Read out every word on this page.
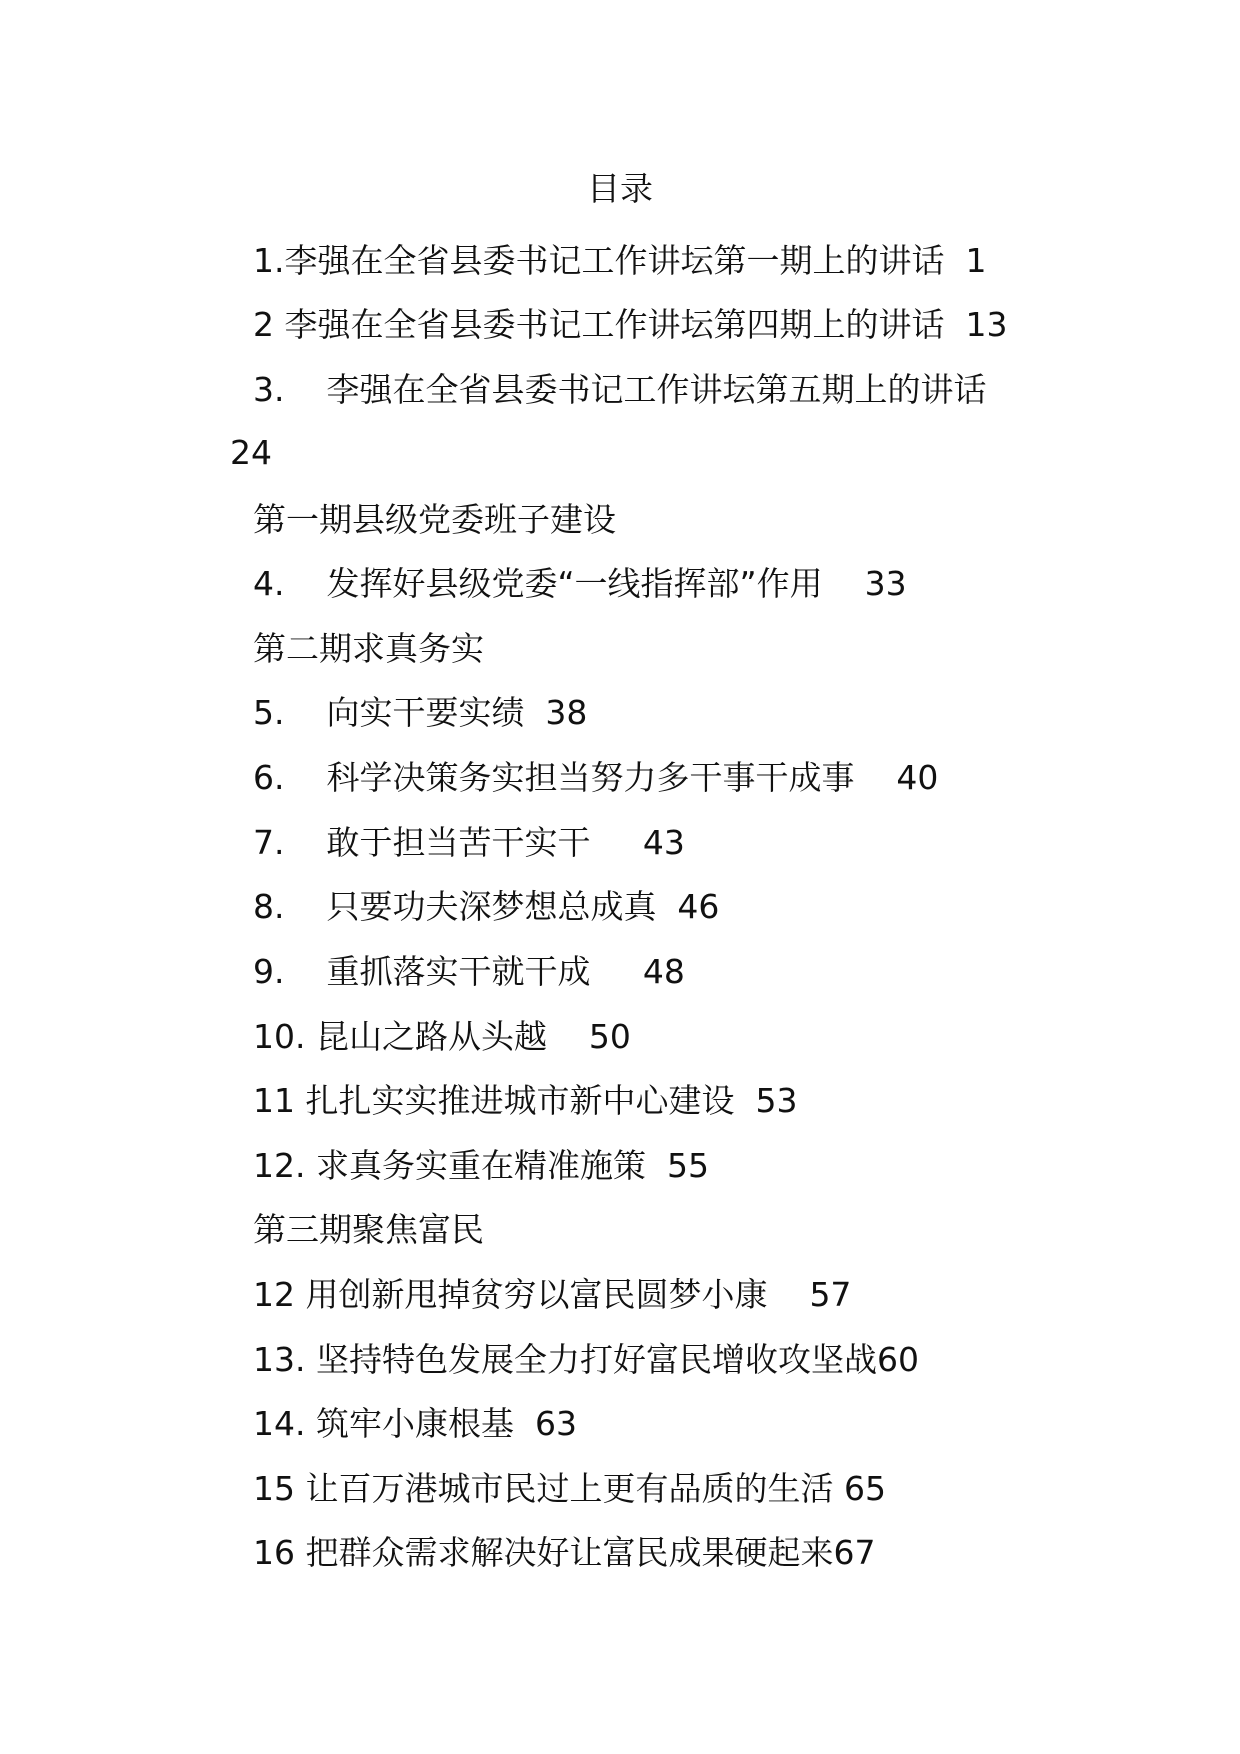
目录
1.李强在全省县委书记工作讲坛第一期上的讲话  1
2 李强在全省县委书记工作讲坛第四期上的讲话  13
3.    李强在全省县委书记工作讲坛第五期上的讲话
24
第一期县级党委班子建设
4.    发挥好县级党委“一线指挥部”作用    33
第二期求真务实
5.    向实干要实绩  38
6.    科学决策务实担当努力多干事干成事    40
7.    敢于担当苦干实干     43
8.    只要功夫深梦想总成真  46
9.    重抓落实干就干成     48
10. 昆山之路从头越    50
11 扎扎实实推进城市新中心建设  53
12. 求真务实重在精准施策  55
第三期聚焦富民
12 用创新甩掉贫穷以富民圆梦小康    57
13. 坚持特色发展全力打好富民增收攻坚战60
14. 筑牢小康根基  63
15 让百万港城市民过上更有品质的生活 65
16 把群众需求解决好让富民成果硬起来67
